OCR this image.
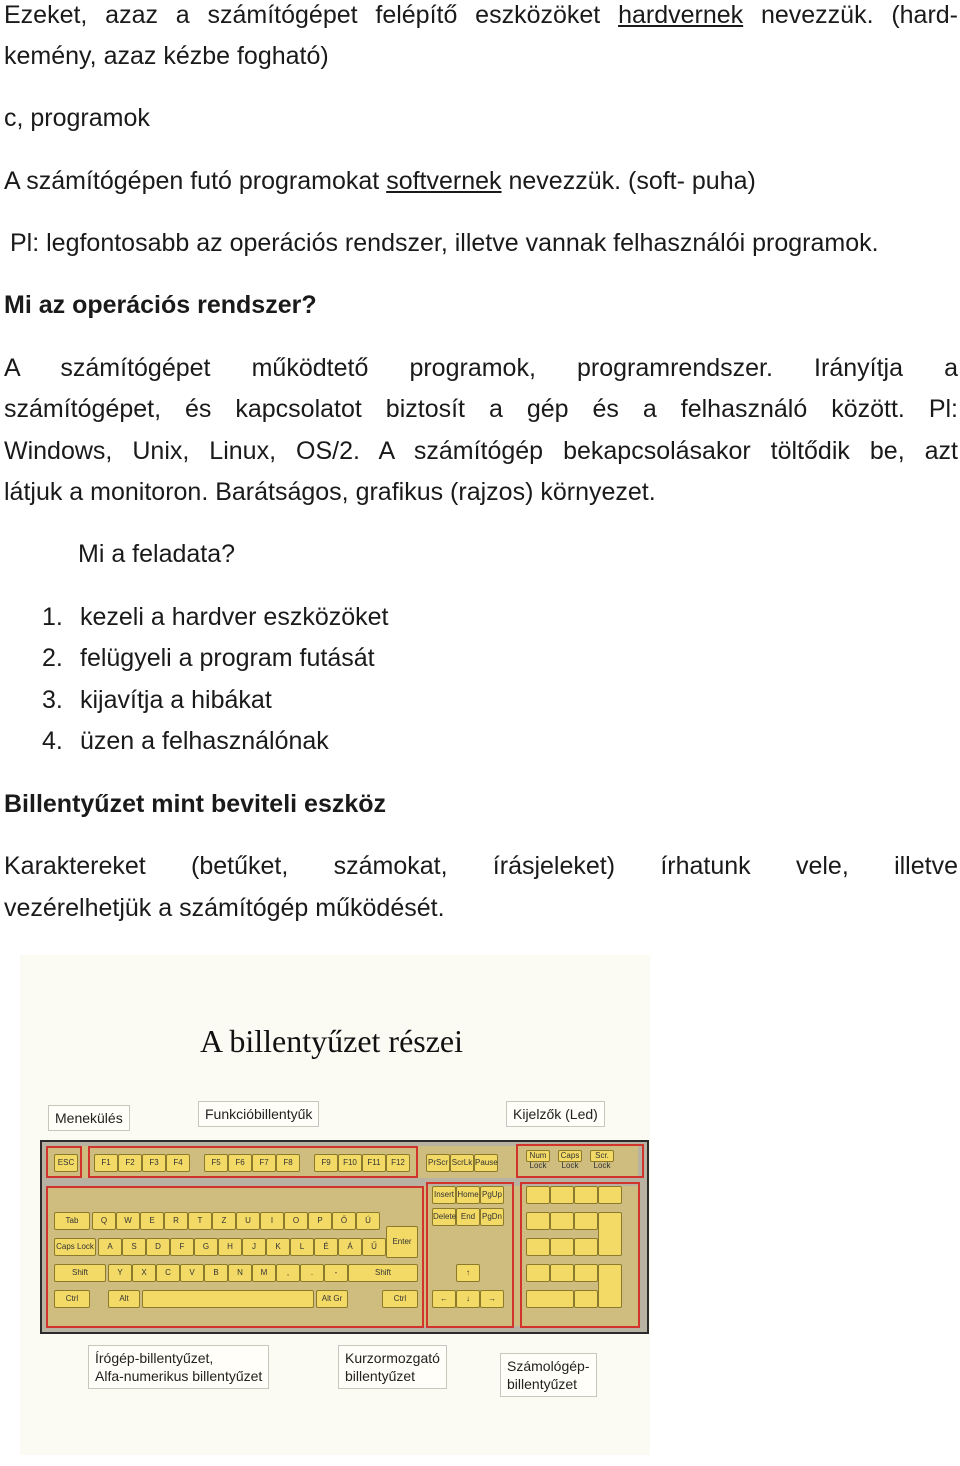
Ezeket, azaz a számítógépet felépítő eszközöket hardvernek nevezzük. (hard-
kemény, azaz kézbe fogható)
c, programok
A számítógépen futó programokat softvernek nevezzük. (soft- puha)
Pl: legfontosabb az operációs rendszer, illetve vannak felhasználói programok.
Mi az operációs rendszer?
A számítógépet működtető programok, programrendszer. Irányítja a
számítógépet, és kapcsolatot biztosít a gép és a felhasználó között. Pl:
Windows, Unix, Linux, OS/2. A számítógép bekapcsolásakor töltődik be, azt
látjuk a monitoron. Barátságos, grafikus (rajzos) környezet.
Mi a feladata?
1. kezeli a hardver eszközöket
2. felügyeli a program futását
3. kijavítja a hibákat
4. üzen a felhasználónak
Billentyűzet mint beviteli eszköz
Karaktereket (betűket, számokat, írásjeleket) írhatunk vele, illetve
vezérelhetjük a számítógép működését.
A billentyűzet részei
Menekülés	Funkcióbillentyűk	Kijelzők (Led)
ESC	F1	F2	F3	F4	F5	F6	F7	F8	F9	F10	F11	F12	PrScr ScrLk Pause
Num Lock
Caps Lock
Scr. Lock
Tab	Q	W	E	R	T	Z	U	I	O	P	Ő	Ú
Caps Lock	A	S	D	F	G	H	J	K	L	É	Á	Ű
Enter
Shift	Y	X	C	V	B	N	M	,	.	-	Shift
Ctrl	Alt	Alt Gr	Ctrl
Insert Home PgUp
Delete End PgDn
↑
←	↓	→
Írógép-billentyűzet,
Alfa-numerikus billentyűzet
Kurzormozgató
billentyűzet
Számológép-
billentyűzet
